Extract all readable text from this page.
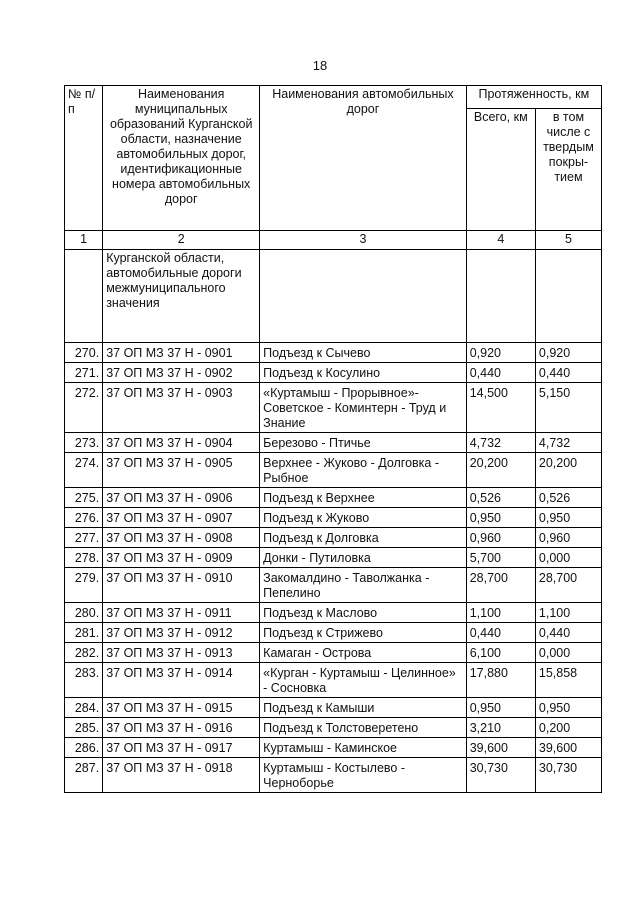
18
№ п/п	Наименования муниципальных образований Курганской области, назначение автомобильных дорог, идентификационные номера автомобильных дорог	Наименования автомобильных дорог	Протяженность, км	
			Всего, км	в том числе с твердым покры-тием
1	2	3	4	5
	Курганской области, автомобильные дороги межмуниципального значения			
270.	37 ОП МЗ 37 Н - 0901	Подъезд к Сычево	0,920	0,920
271.	37 ОП МЗ 37 Н - 0902	Подъезд к Косулино	0,440	0,440
272.	37 ОП МЗ 37 Н - 0903	«Куртамыш - Прорывное»- Советское - Коминтерн - Труд и Знание	14,500	5,150
273.	37 ОП МЗ 37 Н - 0904	Березово - Птичье	4,732	4,732
274.	37 ОП МЗ 37 Н - 0905	Верхнее - Жуково - Долговка - Рыбное	20,200	20,200
275.	37 ОП МЗ 37 Н - 0906	Подъезд к Верхнее	0,526	0,526
276.	37 ОП МЗ 37 Н - 0907	Подъезд к Жуково	0,950	0,950
277.	37 ОП МЗ 37 Н - 0908	Подъезд к Долговка	0,960	0,960
278.	37 ОП МЗ 37 Н - 0909	Донки - Путиловка	5,700	0,000
279.	37 ОП МЗ 37 Н - 0910	Закомалдино - Таволжанка - Пепелино	28,700	28,700
280.	37 ОП МЗ 37 Н - 0911	Подъезд к Маслово	1,100	1,100
281.	37 ОП МЗ 37 Н - 0912	Подъезд к Стрижево	0,440	0,440
282.	37 ОП МЗ 37 Н - 0913	Камаган - Острова	6,100	0,000
283.	37 ОП МЗ 37 Н - 0914	«Курган - Куртамыш - Целинное» - Сосновка	17,880	15,858
284.	37 ОП МЗ 37 Н - 0915	Подъезд к Камыши	0,950	0,950
285.	37 ОП МЗ 37 Н - 0916	Подъезд к Толстоверетено	3,210	0,200
286.	37 ОП МЗ 37 Н - 0917	Куртамыш - Каминское	39,600	39,600
287.	37 ОП МЗ 37 Н - 0918	Куртамыш - Костылево - Черноборье	30,730	30,730
